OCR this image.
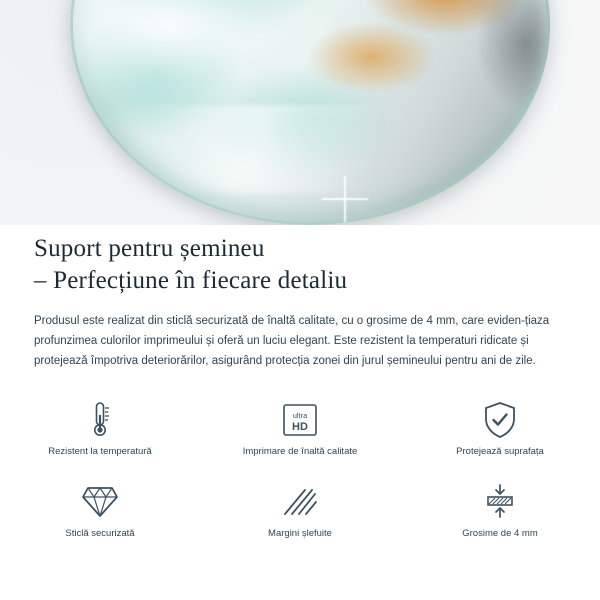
Suport pentru șemineu
– Perfecțiune în fiecare detaliu

Produsul este realizat din sticlă securizată de înaltă calitate, cu o grosime de 4 mm, care eviden-țiaza profunzimea culorilor imprimeului și oferă un luciu elegant. Este rezistent la temperaturi ridicate și protejează împotriva deteriorărilor, asigurând protecția zonei din jurul șemineului pentru ani de zile.

Rezistent la temperatură
ultra
HD
Imprimare de înaltă calitate	Protejează suprafața
Sticlă securizată	Margini șlefuite	Grosime de 4 mm
